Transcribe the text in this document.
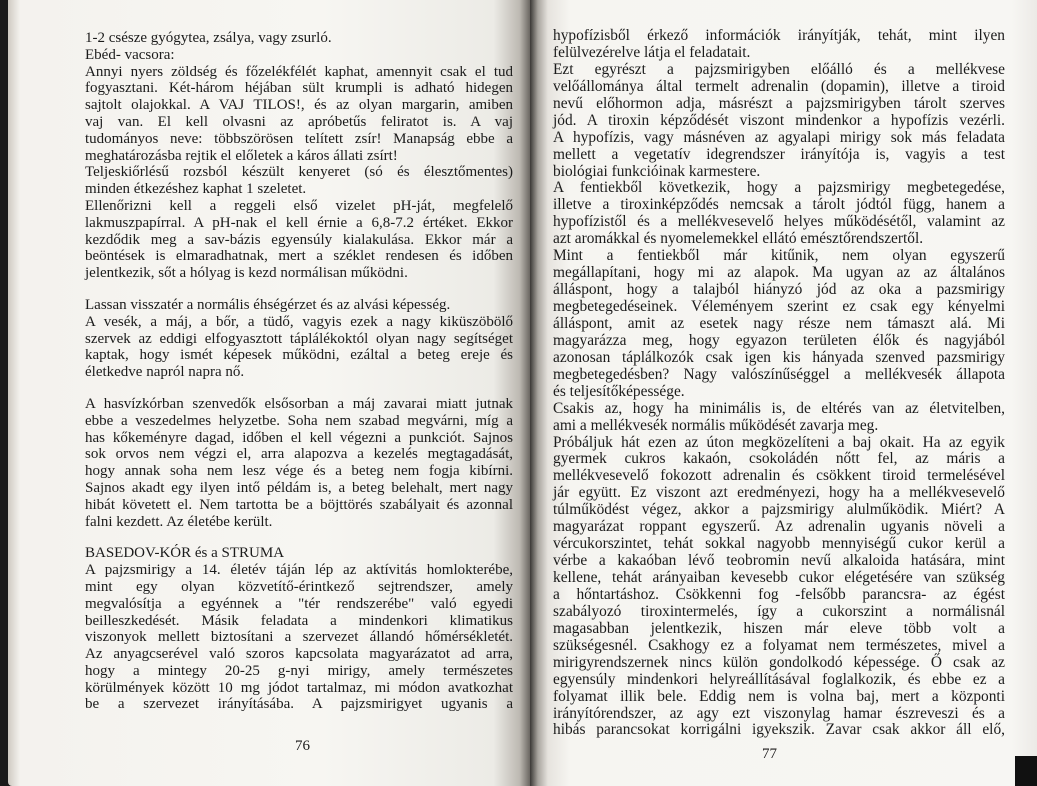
1-2 csésze gyógytea, zsálya, vagy zsurló.
Ebéd- vacsora:
Annyi nyers zöldség és főzelékfélét kaphat, amennyit csak el tud
fogyasztani. Két-három héjában sült krumpli is adható hidegen
sajtolt olajokkal. A VAJ TILOS!, és az olyan margarin, amiben
vaj van. El kell olvasni az apróbetűs feliratot is. A vaj
tudományos neve: többszörösen telített zsír! Manapság ebbe a
meghatározásba rejtik el előletek a káros állati zsírt!
Teljeskiőrlésű rozsból készült kenyeret (só és élesztőmentes)
minden étkezéshez kaphat 1 szeletet.
Ellenőrizni kell a reggeli első vizelet pH-ját, megfelelő
lakmuszpapírral. A pH-nak el kell érnie a 6,8-7.2 értéket. Ekkor
kezdődik meg a sav-bázis egyensúly kialakulása. Ekkor már a
beöntések is elmaradhatnak, mert a széklet rendesen és időben
jelentkezik, sőt a hólyag is kezd normálisan működni.
Lassan visszatér a normális éhségérzet és az alvási képesség.
A vesék, a máj, a bőr, a tüdő, vagyis ezek a nagy kiküszöbölő
szervek az eddigi elfogyasztott táplálékoktól olyan nagy segítséget
kaptak, hogy ismét képesek működni, ezáltal a beteg ereje és
életkedve napról napra nő.
A hasvízkórban szenvedők elsősorban a máj zavarai miatt jutnak
ebbe a veszedelmes helyzetbe. Soha nem szabad megvárni, míg a
has kőkeményre dagad, időben el kell végezni a punkciót. Sajnos
sok orvos nem végzi el, arra alapozva a kezelés megtagadását,
hogy annak soha nem lesz vége és a beteg nem fogja kibírni.
Sajnos akadt egy ilyen intő példám is, a beteg belehalt, mert nagy
hibát követett el. Nem tartotta be a böjttörés szabályait és azonnal
falni kezdett. Az életébe került.
BASEDOV-KÓR és a STRUMA
A pajzsmirigy a 14. életév táján lép az aktívitás homlokterébe,
mint egy olyan közvetítő-érintkező sejtrendszer, amely
megvalósítja a egyénnek a "tér rendszerébe" való egyedi
beilleszkedését. Másik feladata a mindenkori klimatikus
viszonyok mellett biztosítani a szervezet állandó hőmérsékletét.
Az anyagcserével való szoros kapcsolata magyarázatot ad arra,
hogy a mintegy 20-25 g-nyi mirigy, amely természetes
körülmények között 10 mg jódot tartalmaz, mi módon avatkozhat
be a szervezet irányításába. A pajzsmirigyet ugyanis a
76
hypofízisből érkező információk irányítják, tehát, mint ilyen
felülvezérelve látja el feladatait.
Ezt egyrészt a pajzsmirigyben előálló és a mellékvese
velőállománya által termelt adrenalin (dopamin), illetve a tiroid
nevű előhormon adja, másrészt a pajzsmirigyben tárolt szerves
jód. A tiroxin képződését viszont mindenkor a hypofízis vezérli.
A hypofízis, vagy másnéven az agyalapi mirigy sok más feladata
mellett a vegetatív idegrendszer irányítója is, vagyis a test
biológiai funkcióinak karmestere.
A fentiekből következik, hogy a pajzsmirigy megbetegedése,
illetve a tiroxinképződés nemcsak a tárolt jódtól függ, hanem a
hypofízistől és a mellékvesevelő helyes működésétől, valamint az
azt aromákkal és nyomelemekkel ellátó emésztőrendszertől.
Mint a fentiekből már kitűnik, nem olyan egyszerű
megállapítani, hogy mi az alapok. Ma ugyan az az általános
álláspont, hogy a talajból hiányzó jód az oka a pazsmirigy
megbetegedéseinek. Véleményem szerint ez csak egy kényelmi
álláspont, amit az esetek nagy része nem támaszt alá. Mi
magyarázza meg, hogy egyazon területen élők és nagyjából
azonosan táplálkozók csak igen kis hányada szenved pazsmirigy
megbetegedésben? Nagy valószínűséggel a mellékvesék állapota
és teljesítőképessége.
Csakis az, hogy ha minimális is, de eltérés van az életvitelben,
ami a mellékvesék normális működését zavarja meg.
Próbáljuk hát ezen az úton megközelíteni a baj okait. Ha az egyik
gyermek cukros kakaón, csokoládén nőtt fel, az máris a
mellékvesevelő fokozott adrenalin és csökkent tiroid termelésével
jár együtt. Ez viszont azt eredményezi, hogy ha a mellékvesevelő
túlműködést végez, akkor a pajzsmirigy alulműködik. Miért? A
magyarázat roppant egyszerű. Az adrenalin ugyanis növeli a
vércukorszintet, tehát sokkal nagyobb mennyiségű cukor kerül a
vérbe a kakaóban lévő teobromin nevű alkaloida hatására, mint
kellene, tehát arányaiban kevesebb cukor elégetésére van szükség
a hőntartáshoz. Csökkenni fog -felsőbb parancsra- az égést
szabályozó tiroxintermelés, így a cukorszint a normálisnál
magasabban jelentkezik, hiszen már eleve több volt a
szükségesnél. Csakhogy ez a folyamat nem természetes, mivel a
mirigyrendszernek nincs külön gondolkodó képessége. Ő csak az
egyensúly mindenkori helyreállításával foglalkozik, és ebbe ez a
folyamat illik bele. Eddig nem is volna baj, mert a központi
irányítórendszer, az agy ezt viszonylag hamar észreveszi és a
hibás parancsokat korrigálni igyekszik. Zavar csak akkor áll elő,
77
